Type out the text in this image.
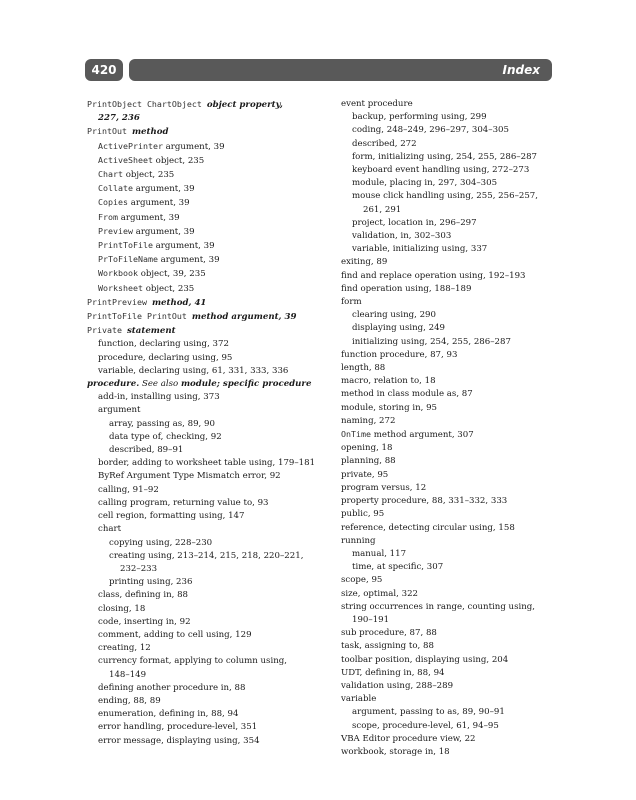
420	Index
PrintObject ChartObject object property,
227, 236
PrintOut method
ActivePrinter argument, 39
ActiveSheet object, 235
Chart object, 235
Collate argument, 39
Copies argument, 39
From argument, 39
Preview argument, 39
PrintToFile argument, 39
PrToFileName argument, 39
Workbook object, 39, 235
Worksheet object, 235
PrintPreview method, 41
PrintToFile PrintOut method argument, 39
Private statement
function, declaring using, 372
procedure, declaring using, 95
variable, declaring using, 61, 331, 333, 336
procedure. See also module; specific procedure
add-in, installing using, 373
argument
array, passing as, 89, 90
data type of, checking, 92
described, 89–91
border, adding to worksheet table using, 179–181
ByRef Argument Type Mismatch error, 92
calling, 91–92
calling program, returning value to, 93
cell region, formatting using, 147
chart
copying using, 228–230
creating using, 213–214, 215, 218, 220–221,
232–233
printing using, 236
class, defining in, 88
closing, 18
code, inserting in, 92
comment, adding to cell using, 129
creating, 12
currency format, applying to column using,
148–149
defining another procedure in, 88
ending, 88, 89
enumeration, defining in, 88, 94
error handling, procedure-level, 351
error message, displaying using, 354
event procedure
backup, performing using, 299
coding, 248–249, 296–297, 304–305
described, 272
form, initializing using, 254, 255, 286–287
keyboard event handling using, 272–273
module, placing in, 297, 304–305
mouse click handling using, 255, 256–257,
261, 291
project, location in, 296–297
validation, in, 302–303
variable, initializing using, 337
exiting, 89
find and replace operation using, 192–193
find operation using, 188–189
form
clearing using, 290
displaying using, 249
initializing using, 254, 255, 286–287
function procedure, 87, 93
length, 88
macro, relation to, 18
method in class module as, 87
module, storing in, 95
naming, 272
OnTime method argument, 307
opening, 18
planning, 88
private, 95
program versus, 12
property procedure, 88, 331–332, 333
public, 95
reference, detecting circular using, 158
running
manual, 117
time, at specific, 307
scope, 95
size, optimal, 322
string occurrences in range, counting using,
190–191
sub procedure, 87, 88
task, assigning to, 88
toolbar position, displaying using, 204
UDT, defining in, 88, 94
validation using, 288–289
variable
argument, passing to as, 89, 90–91
scope, procedure-level, 61, 94–95
VBA Editor procedure view, 22
workbook, storage in, 18
